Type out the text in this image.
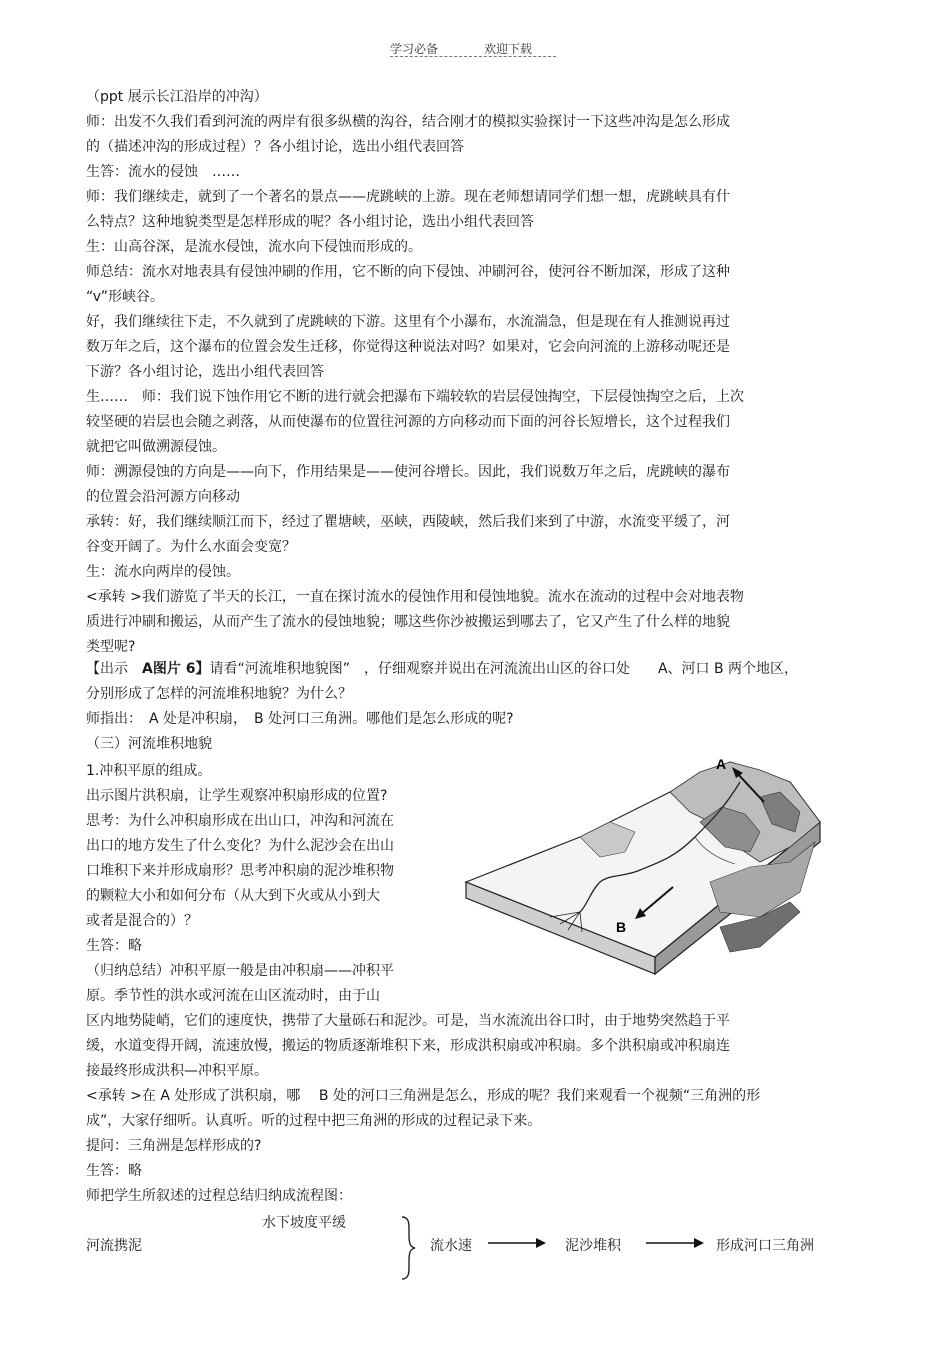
学习必备	欢迎下载
（ppt 展示长江沿岸的冲沟）
师：出发不久我们看到河流的两岸有很多纵横的沟谷，结合刚才的模拟实验探讨一下这些冲沟是怎么形成
的（描述冲沟的形成过程）？各小组讨论，选出小组代表回答
生答：流水的侵蚀　……
师：我们继续走，就到了一个著名的景点——虎跳峡的上游。现在老师想请同学们想一想，虎跳峡具有什
么特点？这种地貌类型是怎样形成的呢？各小组讨论，选出小组代表回答
生：山高谷深，是流水侵蚀，流水向下侵蚀而形成的。
师总结：流水对地表具有侵蚀冲刷的作用，它不断的向下侵蚀、冲刷河谷，使河谷不断加深，形成了这种
“v”形峡谷。
好，我们继续往下走，不久就到了虎跳峡的下游。这里有个小瀑布，水流湍急，但是现在有人推测说再过
数万年之后，这个瀑布的位置会发生迁移，你觉得这种说法对吗？如果对，它会向河流的上游移动呢还是
下游？各小组讨论，选出小组代表回答
生……　师：我们说下蚀作用它不断的进行就会把瀑布下端较软的岩层侵蚀掏空，下层侵蚀掏空之后，上次
较坚硬的岩层也会随之剥落，从而使瀑布的位置往河源的方向移动而下面的河谷长短增长，这个过程我们
就把它叫做溯源侵蚀。
师：溯源侵蚀的方向是——向下，作用结果是——使河谷增长。因此，我们说数万年之后，虎跳峡的瀑布
的位置会沿河源方向移动
承转：好，我们继续顺江而下，经过了瞿塘峡，巫峡，西陵峡，然后我们来到了中游，水流变平缓了，河
谷变开阔了。为什么水面会变宽？
生：流水向两岸的侵蚀。
<承转 >我们游览了半天的长江，一直在探讨流水的侵蚀作用和侵蚀地貌。流水在流动的过程中会对地表物
质进行冲刷和搬运，从而产生了流水的侵蚀地貌；哪这些你沙被搬运到哪去了，它又产生了什么样的地貌
类型呢?
【出示　A图片 6】请看“河流堆积地貌图”　，仔细观察并说出在河流流出山区的谷口处　　A、河口 B 两个地区，
分别形成了怎样的河流堆积地貌？为什么？
师指出：　A 处是冲积扇，　B 处河口三角洲。哪他们是怎么形成的呢?
（三）河流堆积地貌
1.冲积平原的组成。
出示图片洪积扇，让学生观察冲积扇形成的位置?
思考：为什么冲积扇形成在出山口，冲沟和河流在
出口的地方发生了什么变化？为什么泥沙会在出山
口堆积下来并形成扇形？思考冲积扇的泥沙堆积物
的颗粒大小和如何分布（从大到下火或从小到大
或者是混合的）？
生答：略
（归纳总结）冲积平原一般是由冲积扇——冲积平
原。季节性的洪水或河流在山区流动时，由于山
区内地势陡峭，它们的速度快，携带了大量砾石和泥沙。可是，当水流流出谷口时，由于地势突然趋于平
缓，水道变得开阔，流速放慢，搬运的物质逐渐堆积下来，形成洪积扇或冲积扇。多个洪积扇或冲积扇连
接最终形成洪积—冲积平原。
<承转 >在 A 处形成了洪积扇，哪　 B 处的河口三角洲是怎么，形成的呢？我们来观看一个视频“三角洲的形
成”，大家仔细听。认真听。听的过程中把三角洲的形成的过程记录下来。
提问：三角洲是怎样形成的?
生答：略
师把学生所叙述的过程总结归纳成流程图：
A
B
水下坡度平缓
河流携泥	流水速	泥沙堆积	形成河口三角洲
